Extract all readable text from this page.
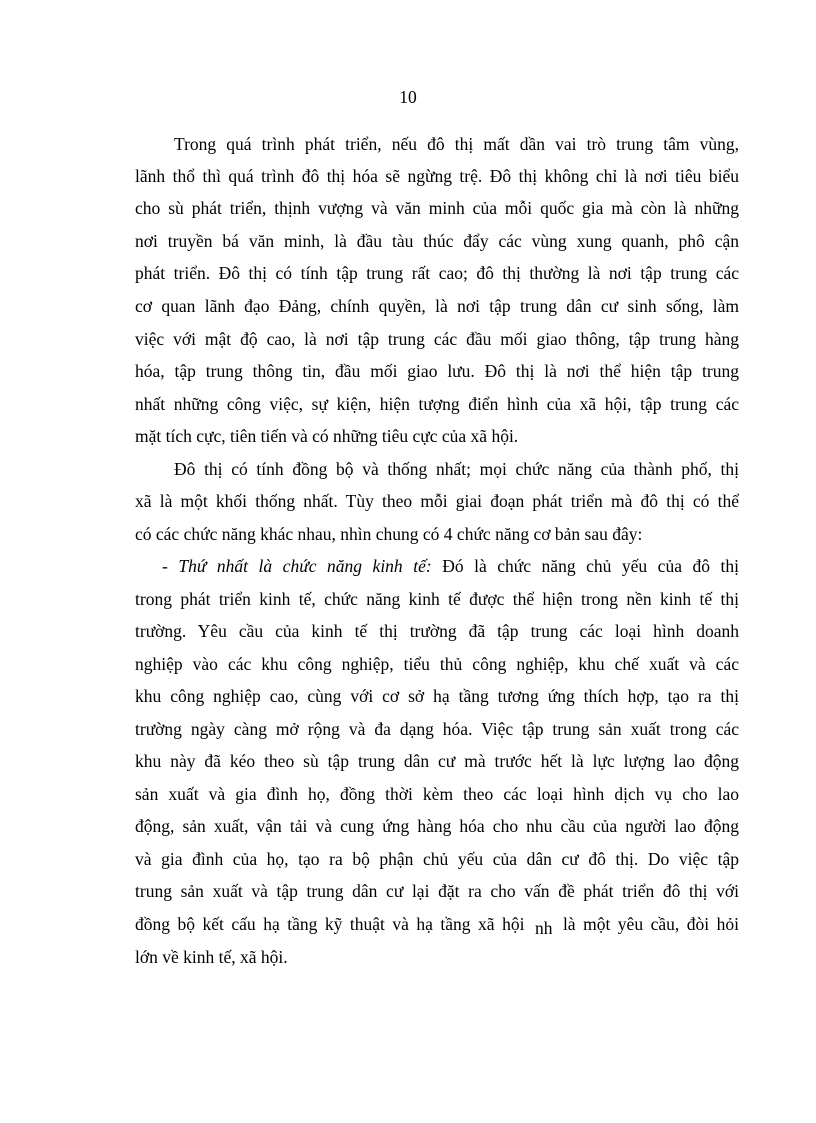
10
Trong quá trình phát triển, nếu đô thị mất dần vai trò trung tâm vùng,
lãnh thổ thì quá trình đô thị hóa sẽ ngừng trệ. Đô thị không chỉ là nơi tiêu biểu
cho sù phát triển, thịnh vượng và văn minh của mỗi quốc gia mà còn là những
nơi truyền bá văn minh, là đầu tàu thúc đẩy các vùng xung quanh, phô cận
phát triển. Đô thị có tính tập trung rất cao; đô thị thường là nơi tập trung các
cơ quan lãnh đạo Đảng, chính quyền, là nơi tập trung dân cư sinh sống, làm
việc với mật độ cao, là nơi tập trung các đầu mối giao thông, tập trung hàng
hóa, tập trung thông tin, đầu mối giao lưu. Đô thị là nơi thể hiện tập trung
nhất những công việc, sự kiện, hiện tượng điển hình của xã hội, tập trung các
mặt tích cực, tiên tiến và có những tiêu cực của xã hội.
Đô thị có tính đồng bộ và thống nhất; mọi chức năng của thành phố, thị
xã là một khối thống nhất. Tùy theo mỗi giai đoạn phát triển mà đô thị có thể
có các chức năng khác nhau, nhìn chung có 4 chức năng cơ bản sau đây:
- Thứ nhất là chức năng kinh tế: Đó là chức năng chủ yếu của đô thị
trong phát triển kinh tế, chức năng kinh tế được thể hiện trong nền kinh tế thị
trường. Yêu cầu của kinh tế thị trường đã tập trung các loại hình doanh
nghiệp vào các khu công nghiệp, tiểu thủ công nghiệp, khu chế xuất và các
khu công nghiệp cao, cùng với cơ sở hạ tầng tương ứng thích hợp, tạo ra thị
trường ngày càng mở rộng và đa dạng hóa. Việc tập trung sản xuất trong các
khu này đã kéo theo sù tập trung dân cư mà trước hết là lực lượng lao động
sản xuất và gia đình họ, đồng thời kèm theo các loại hình dịch vụ cho lao
động, sản xuất, vận tải và cung ứng hàng hóa cho nhu cầu của người lao động
và gia đình của họ, tạo ra bộ phận chủ yếu của dân cư đô thị. Do việc tập
trung sản xuất và tập trung dân cư lại đặt ra cho vấn đề phát triển đô thị với
đồng bộ kết cấu hạ tầng kỹ thuật và hạ tầng xã hội nh là một yêu cầu, đòi hỏi
lớn về kinh tế, xã hội.
